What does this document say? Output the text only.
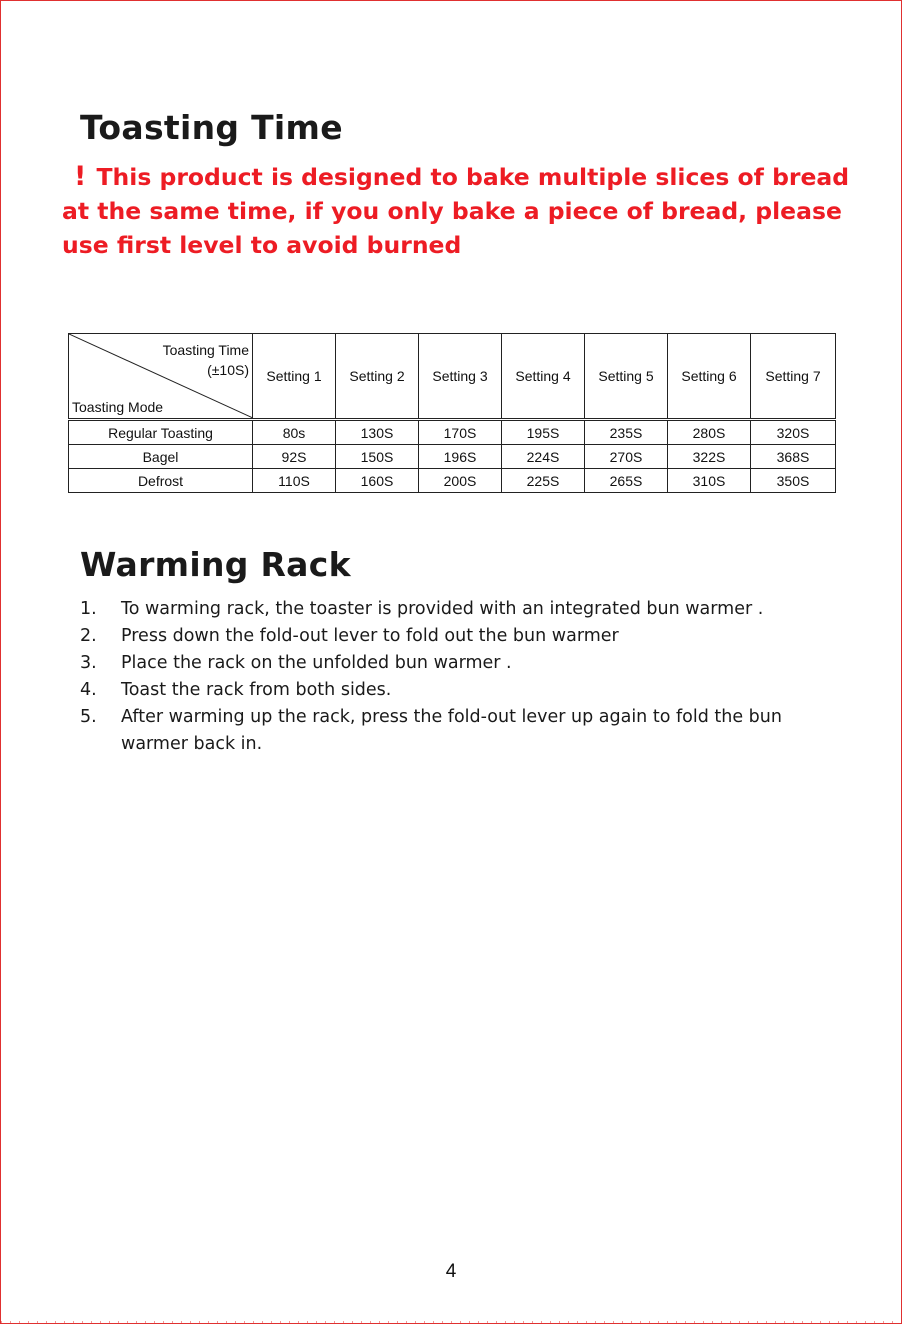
Toasting Time

! This product is designed to bake multiple slices of bread at the same time, if you only bake a piece of bread, please use first level to avoid burned

Toasting Time
(±10S)
Toasting Mode	Setting 1	Setting 2	Setting 3	Setting 4	Setting 5	Setting 6	Setting 7
Regular Toasting	80s	130S	170S	195S	235S	280S	320S
Bagel	92S	150S	196S	224S	270S	322S	368S
Defrost	110S	160S	200S	225S	265S	310S	350S
Warming Rack
1. To warming rack, the toaster is provided with an integrated bun warmer .
2. Press down the fold-out lever to fold out the bun warmer
3. Place the rack on the unfolded bun warmer .
4. Toast the rack from both sides.
5. After warming up the rack, press the fold-out lever up again to fold the bun warmer back in.
4
